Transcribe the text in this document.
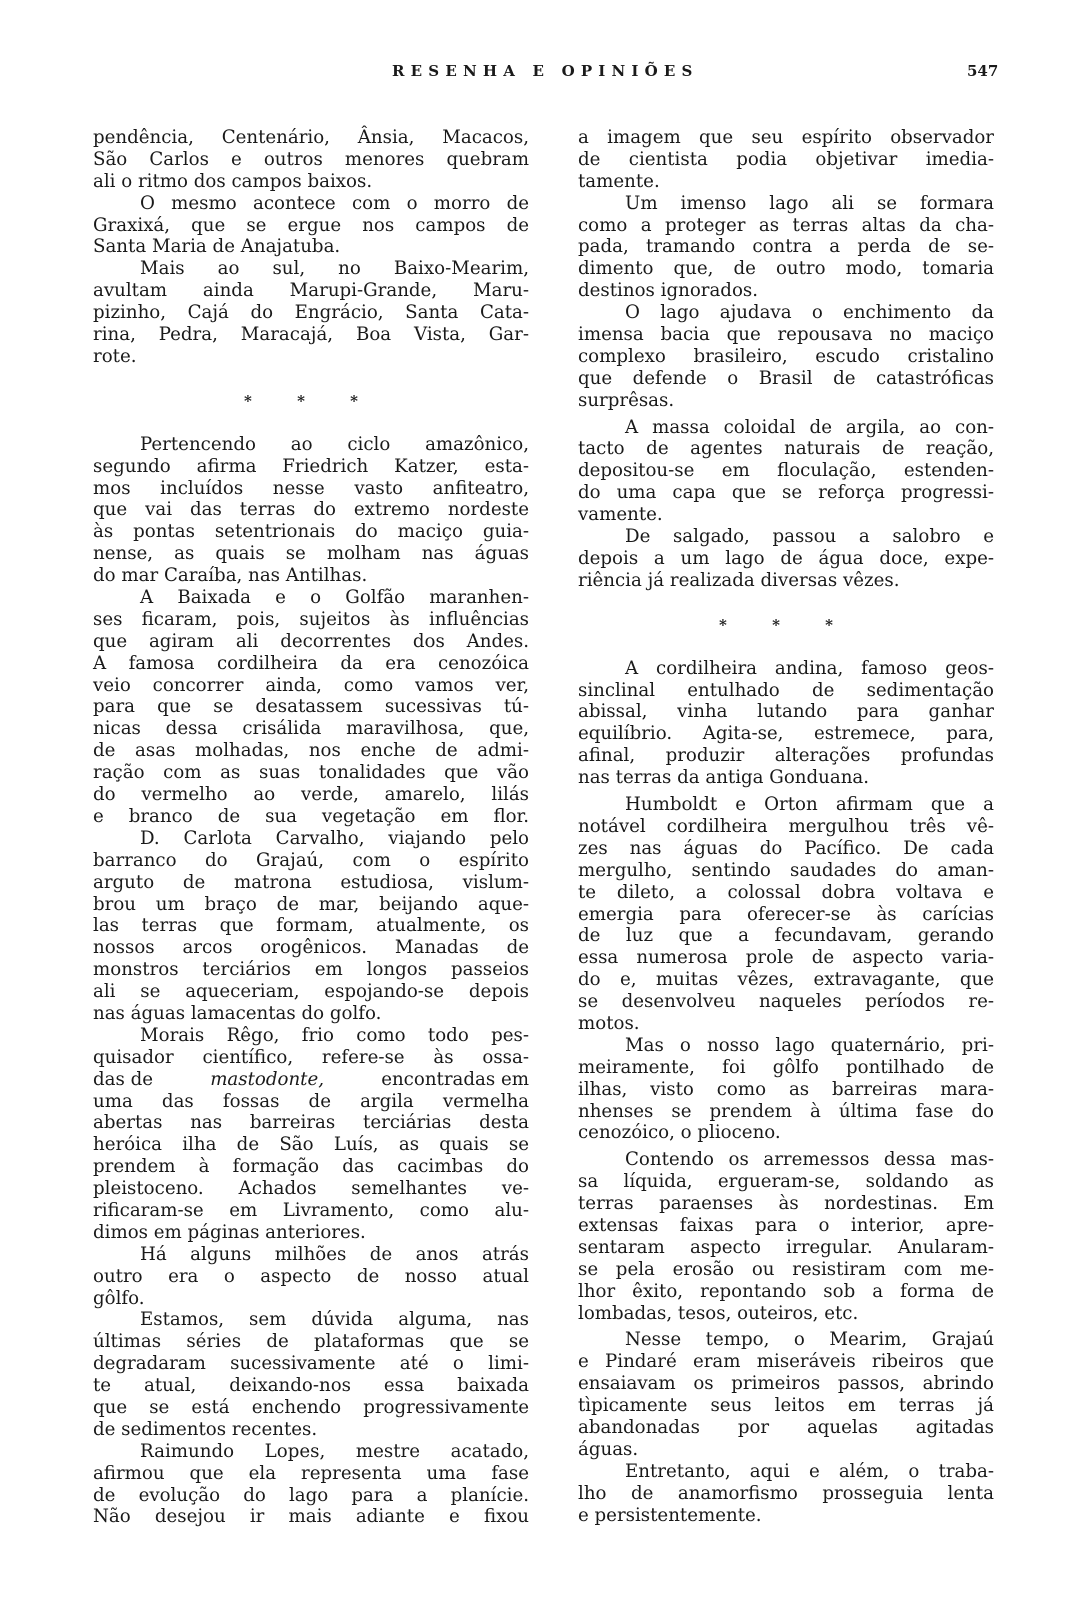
RESENHA E OPINIÕES	547
pendência, Centenário, Ânsia, Macacos,
São Carlos e outros menores quebram
ali o ritmo dos campos baixos.
O mesmo acontece com o morro de
Graxixá, que se ergue nos campos de
Santa Maria de Anajatuba.
Mais ao sul, no Baixo-Mearim,
avultam ainda Marupi-Grande, Maru-
pizinho, Cajá do Engrácio, Santa Cata-
rina, Pedra, Maracajá, Boa Vista, Gar-
rote.
* * *
Pertencendo ao ciclo amazônico,
segundo afirma Friedrich Katzer, esta-
mos incluídos nesse vasto anfiteatro,
que vai das terras do extremo nordeste
às pontas setentrionais do maciço guia-
nense, as quais se molham nas águas
do mar Caraíba, nas Antilhas.
A Baixada e o Golfão maranhen-
ses ficaram, pois, sujeitos às influências
que agiram ali decorrentes dos Andes.
A famosa cordilheira da era cenozóica
veio concorrer ainda, como vamos ver,
para que se desatassem sucessivas tú-
nicas dessa crisálida maravilhosa, que,
de asas molhadas, nos enche de admi-
ração com as suas tonalidades que vão
do vermelho ao verde, amarelo, lilás
e branco de sua vegetação em flor.
D. Carlota Carvalho, viajando pelo
barranco do Grajaú, com o espírito
arguto de matrona estudiosa, vislum-
brou um braço de mar, beijando aque-
las terras que formam, atualmente, os
nossos arcos orogênicos. Manadas de
monstros terciários em longos passeios
ali se aqueceriam, espojando-se depois
nas águas lamacentas do golfo.
Morais Rêgo, frio como todo pes-
quisador científico, refere-se às ossa-
das de	mastodonte,	encontradas em
uma das fossas de argila vermelha
abertas nas barreiras terciárias desta
heróica ilha de São Luís, as quais se
prendem à formação das cacimbas do
pleistoceno. Achados semelhantes ve-
rificaram-se em Livramento, como alu-
dimos em páginas anteriores.
Há alguns milhões de anos atrás
outro era o aspecto de nosso atual
gôlfo.
Estamos, sem dúvida alguma, nas
últimas séries de plataformas que se
degradaram sucessivamente até o limi-
te atual, deixando-nos essa baixada
que se está enchendo progressivamente
de sedimentos recentes.
Raimundo Lopes, mestre acatado,
afirmou que ela representa uma fase
de evolução do lago para a planície.
Não desejou ir mais adiante e fixou
a imagem que seu espírito observador
de cientista podia objetivar imedia-
tamente.
Um imenso lago ali se formara
como a proteger as terras altas da cha-
pada, tramando contra a perda de se-
dimento que, de outro modo, tomaria
destinos ignorados.
O lago ajudava o enchimento da
imensa bacia que repousava no maciço
complexo brasileiro, escudo cristalino
que defende o Brasil de catastróficas
surprêsas.
A massa coloidal de argila, ao con-
tacto de agentes naturais de reação,
depositou-se em floculação, estenden-
do uma capa que se reforça progressi-
vamente.
De salgado, passou a salobro e
depois a um lago de água doce, expe-
riência já realizada diversas vêzes.
* * *
A cordilheira andina, famoso geos-
sinclinal entulhado de sedimentação
abissal, vinha lutando para ganhar
equilíbrio. Agita-se, estremece, para,
afinal, produzir alterações profundas
nas terras da antiga Gonduana.
Humboldt e Orton afirmam que a
notável cordilheira mergulhou três vê-
zes nas águas do Pacífico. De cada
mergulho, sentindo saudades do aman-
te dileto, a colossal dobra voltava e
emergia para oferecer-se às carícias
de luz que a fecundavam, gerando
essa numerosa prole de aspecto varia-
do e, muitas vêzes, extravagante, que
se desenvolveu naqueles períodos re-
motos.
Mas o nosso lago quaternário, pri-
meiramente, foi gôlfo pontilhado de
ilhas, visto como as barreiras mara-
nhenses se prendem à última fase do
cenozóico, o plioceno.
Contendo os arremessos dessa mas-
sa líquida, ergueram-se, soldando as
terras paraenses às nordestinas. Em
extensas faixas para o interior, apre-
sentaram aspecto irregular. Anularam-
se pela erosão ou resistiram com me-
lhor êxito, repontando sob a forma de
lombadas, tesos, outeiros, etc.
Nesse tempo, o Mearim, Grajaú
e Pindaré eram miseráveis ribeiros que
ensaiavam os primeiros passos, abrindo
tìpicamente seus leitos em terras já
abandonadas por aquelas agitadas
águas.
Entretanto, aqui e além, o traba-
lho de anamorfismo prosseguia lenta
e persistentemente.
